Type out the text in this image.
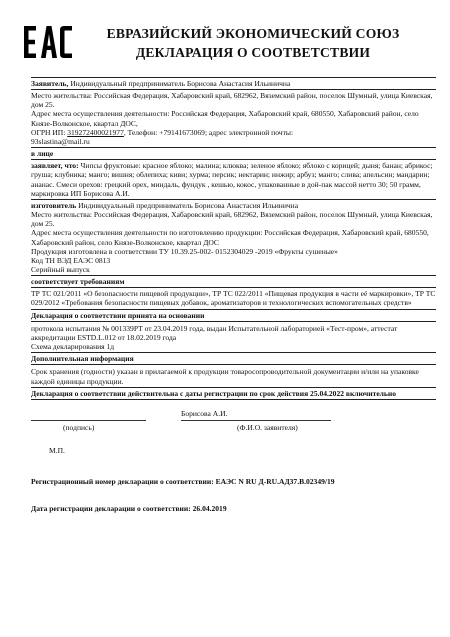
ЕВРАЗИЙСКИЙ ЭКОНОМИЧЕСКИЙ СОЮЗ
ДЕКЛАРАЦИЯ О СООТВЕТСТВИИ

Заявитель, Индивидуальный предприниматель Борисова Анастасия Ильинична

Место жительства: Российская Федерация, Хабаровский край, 682962, Вяземский район, поселок Шумный, улица Киевская, дом 25.

Адрес места осуществления деятельности: Российская Федерация, Хабаровский край, 680550, Хабаровский район, село Князе-Волконское, квартал ДОС,

ОГРН ИП: 319272400021977, Телефон: +79141673069; адрес электронной почты:

93slastina@mail.ru

в лице

заявляет, что: Чипсы фруктовые: красное яблоко; малина; клюква; зеленое яблоко; яблоко с корицей; дыня; банан; абрикос; груша; клубника; манго; вишня; облепиха; киви; хурма; персик; нектарин; инжир; арбуз; манго; слива; апельсин; мандарин; ананас. Смеси орехов: грецкий орех, миндаль, фундук , кешью, кокос, упакованные в дой-пак массой нетто 30; 50 грамм, маркировка ИП Борисова А.И.

изготовитель Индивидуальный предприниматель Борисова Анастасия Ильинична

Место жительства: Российская Федерация, Хабаровский край, 682962, Вяземский район, поселок Шумный, улица Киевская, дом 25.

Адрес места осуществления деятельности по изготовлению продукции: Российская Федерация, Хабаровский край, 680550, Хабаровский район, село Князе-Волконское, квартал ДОС

Продукция изготовлена в соответствии ТУ 10.39.25-002- 0152304029 -2019 «Фрукты сушеные»

Код ТН ВЭД ЕАЭС 0813

Серийный выпуск

соответствует требованиям

ТР ТС 021/2011 «О безопасности пищевой продукции», ТР ТС 022/2011 «Пищевая продукция в части её маркировки», ТР ТС 029/2012 «Требования безопасности пищевых добавок, ароматизаторов и технологических вспомогательных средств»

Декларация о соответствии принята на основании

протокола испытания № 001339РТ от 23.04.2019 года, выдан Испытательной лабораторией «Тест-пром», аттестат аккредитации ESTD.L.012 от 18.02.2019 года

Схема декларирования 1д

Дополнительная информация

Срок хранения (годности) указан в прилагаемой к продукции товаросопроводительной документации и/или на упаковке каждой единицы продукции.

Декларация о соответствии действительна с даты регистрации по срок действия 25.04.2022 включительно

Борисова А.И.
(подпись)	(Ф.И.О. заявителя)

М.П.

Регистрационный номер декларации о соответствии: ЕАЭС N RU Д-RU.АД37.В.02349/19

Дата регистрации декларации о соответствии: 26.04.2019
